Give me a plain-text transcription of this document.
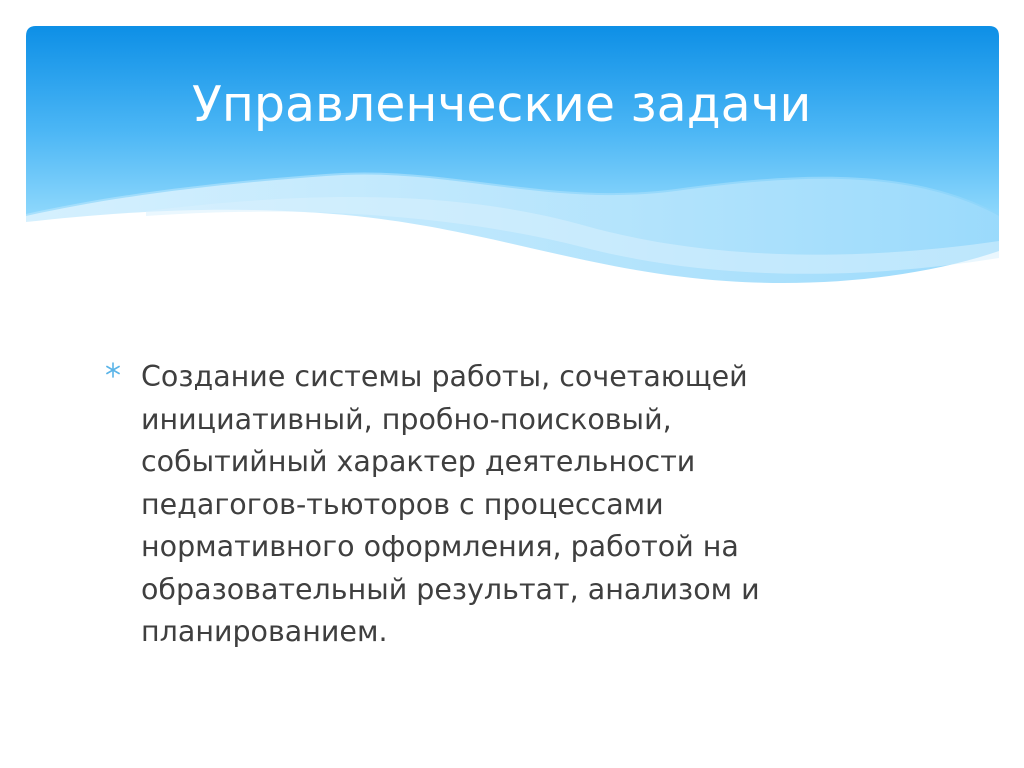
Управленческие задачи

Создание системы работы, сочетающей
инициативный, пробно-поисковый,
событийный характер деятельности
педагогов-тьюторов с процессами
нормативного оформления, работой на
образовательный результат, анализом и
планированием.
